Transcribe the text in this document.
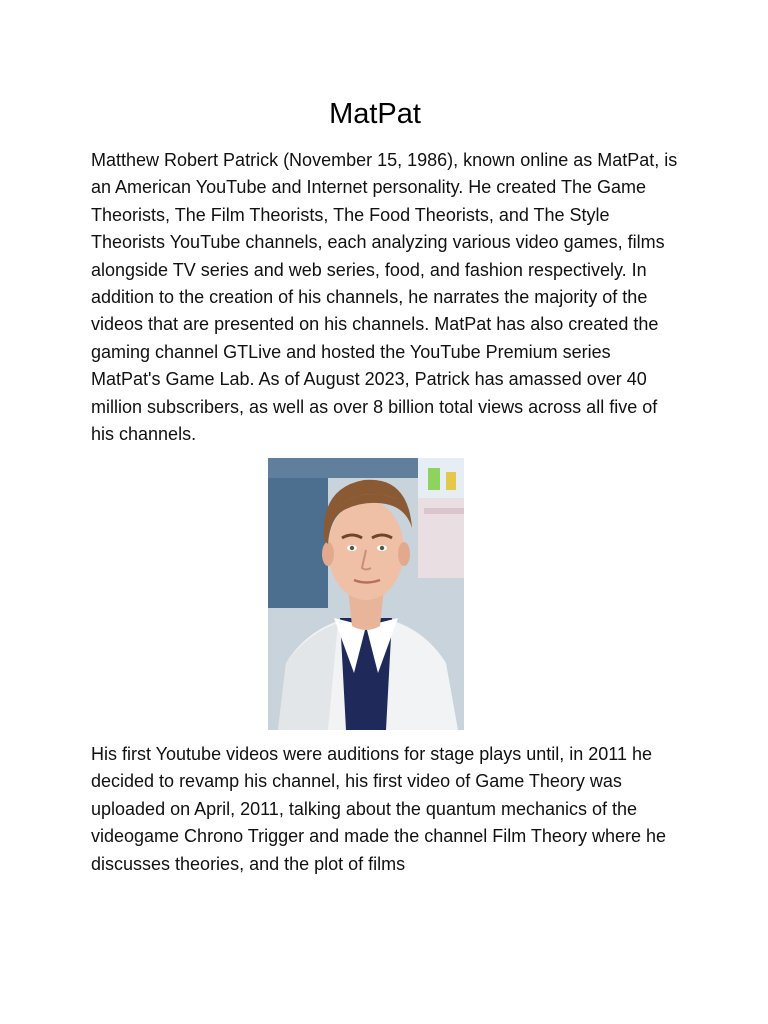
MatPat

Matthew Robert Patrick (November 15, 1986), known online as MatPat, is an American YouTube and Internet personality. He created The Game Theorists, The Film Theorists, The Food Theorists, and The Style Theorists YouTube channels, each analyzing various video games, films alongside TV series and web series, food, and fashion respectively. In addition to the creation of his channels, he narrates the majority of the videos that are presented on his channels. MatPat has also created the gaming channel GTLive and hosted the YouTube Premium series MatPat's Game Lab. As of August 2023, Patrick has amassed over 40 million subscribers, as well as over 8 billion total views across all five of his channels.

His first Youtube videos were auditions for stage plays until, in 2011 he decided to revamp his channel, his first video of Game Theory was uploaded on April, 2011, talking about the quantum mechanics of the videogame Chrono Trigger and made the channel Film Theory where he discusses theories, and the plot of films
